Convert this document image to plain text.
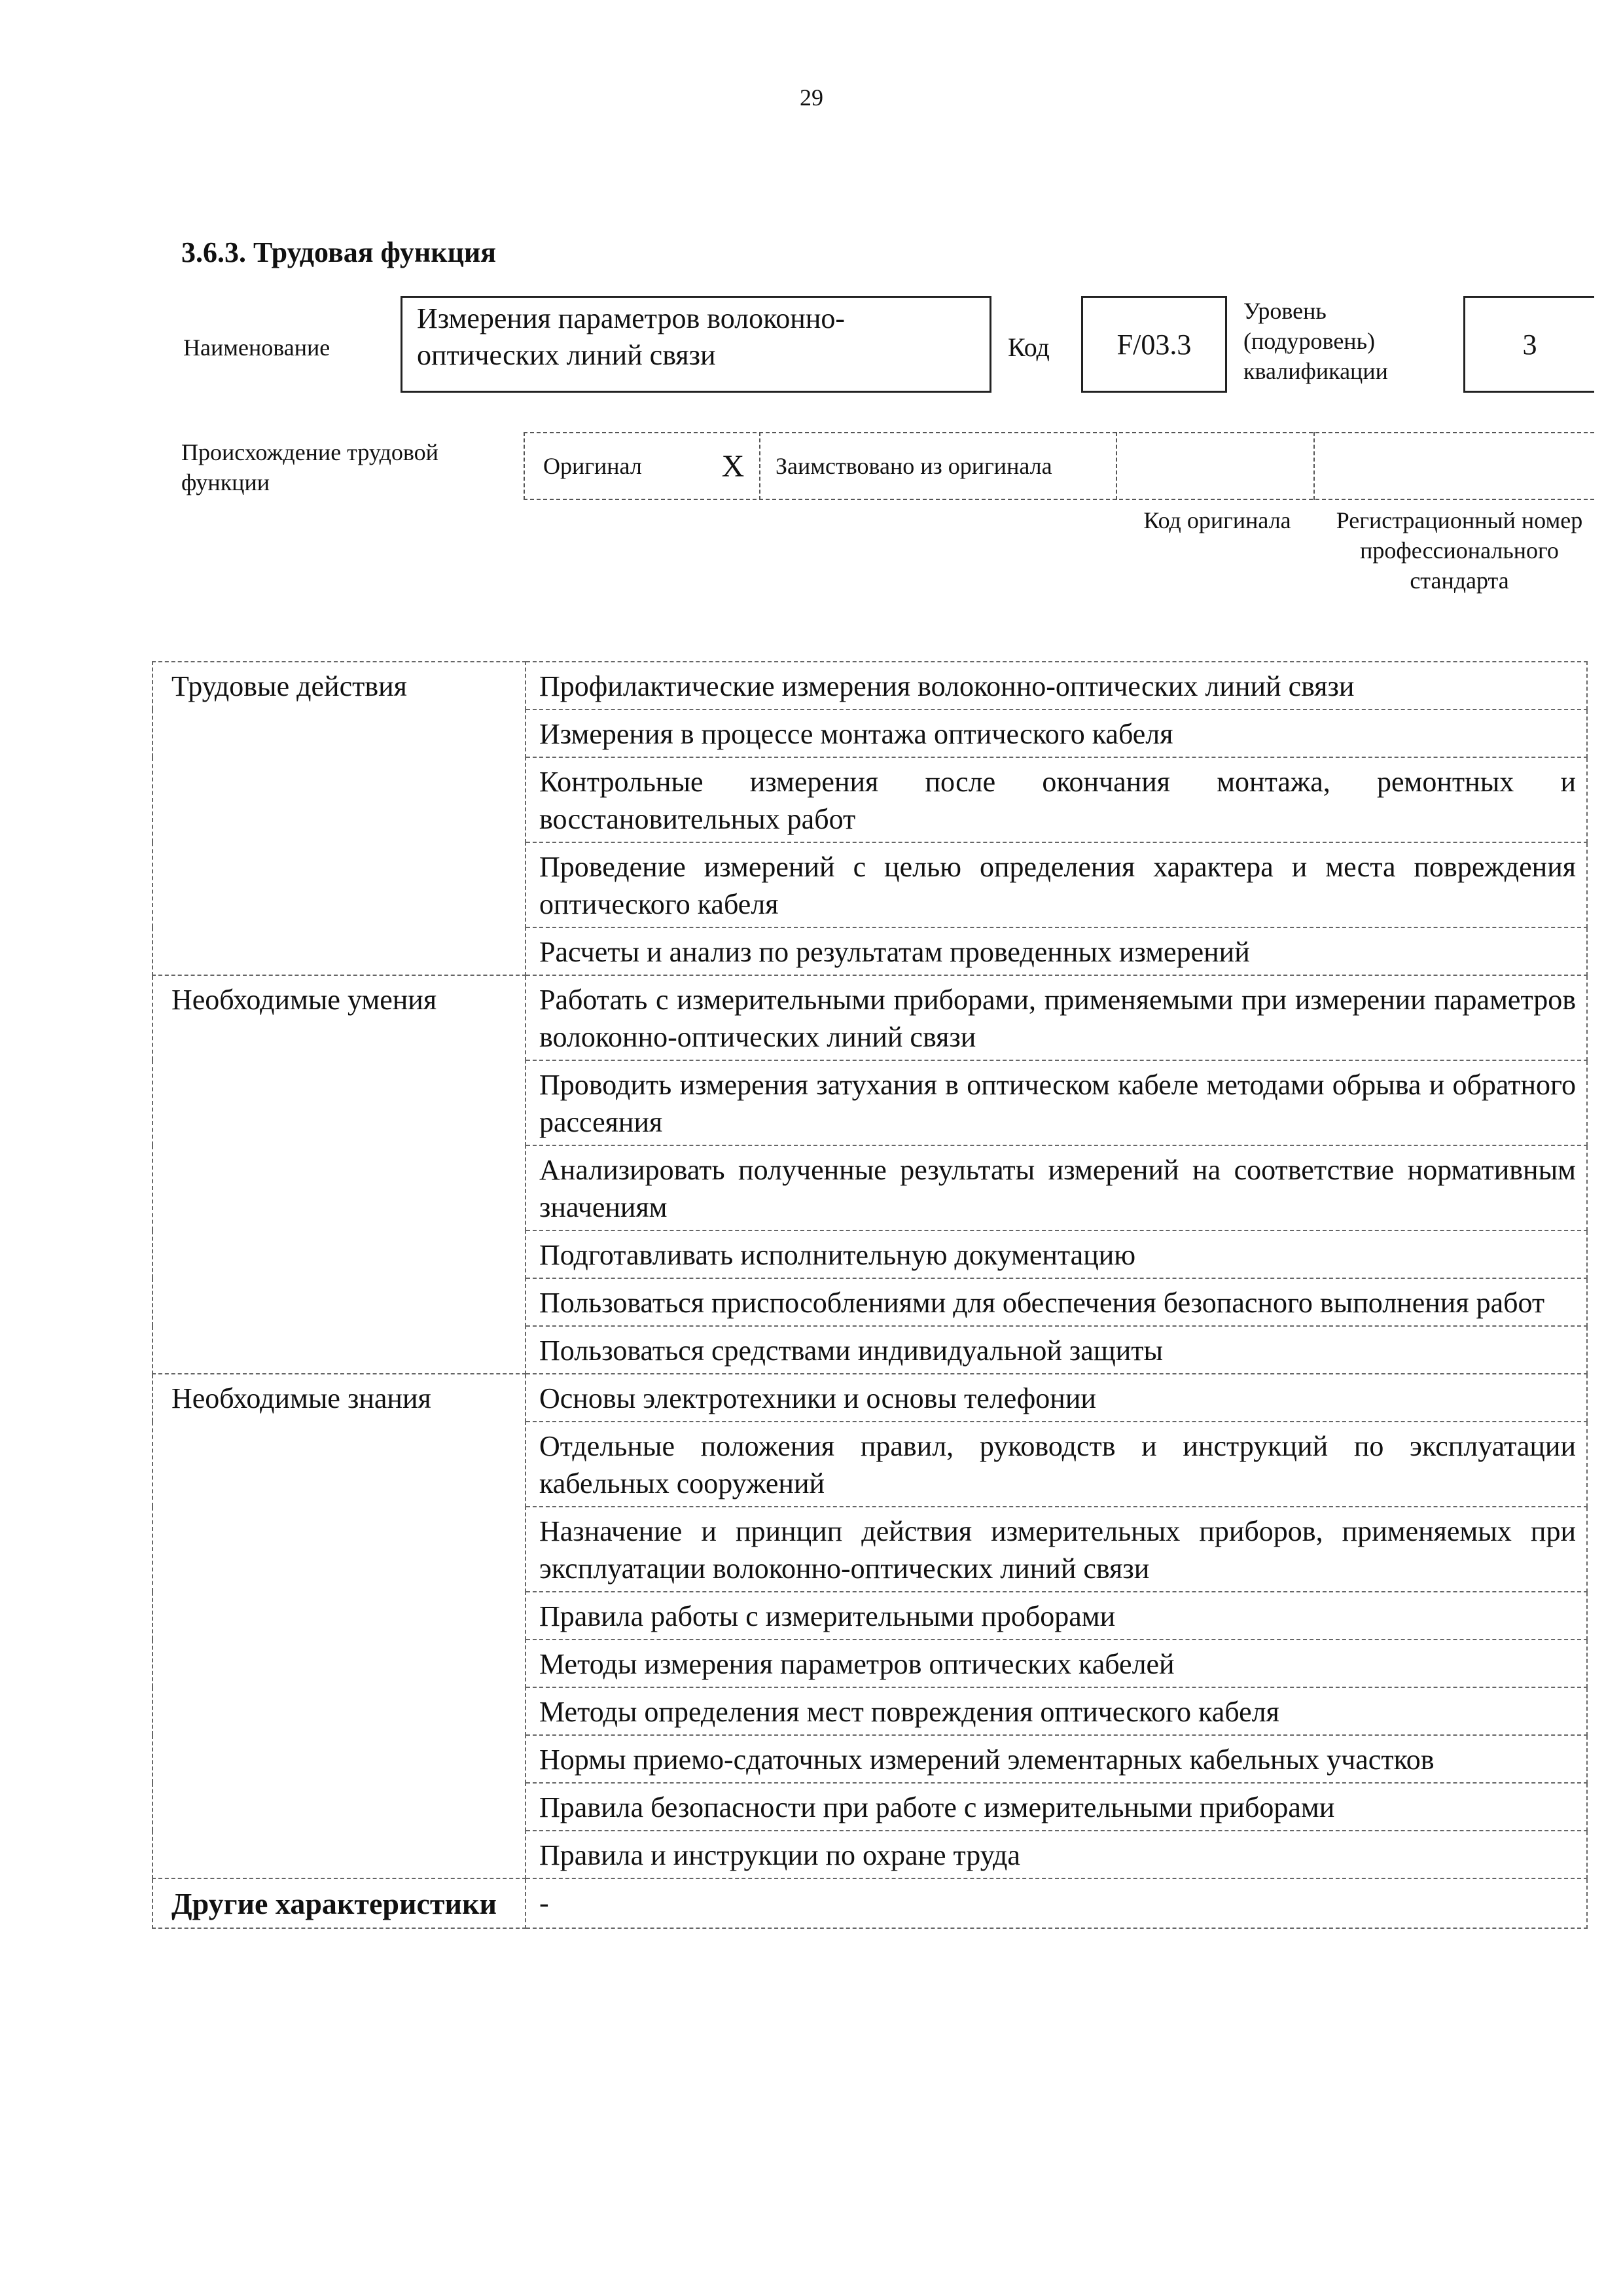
29
3.6.3. Трудовая функция
Наименование
Измерения параметров волоконно-оптических линий связи	Код	F/03.3
Уровень (подуровень) квалификации
3
Происхождение трудовой функции
Оригинал	X	Заимствовано из оригинала
Код оригинала	Регистрационный номер профессионального стандарта
Трудовые действия	Профилактические измерения волоконно-оптических линий связи
	Измерения в процессе монтажа оптического кабеля
	Контрольные измерения после окончания монтажа, ремонтных и восстановительных работ
	Проведение измерений с целью определения характера и места повреждения оптического кабеля
	Расчеты и анализ по результатам проведенных измерений
Необходимые умения	Работать с измерительными приборами, применяемыми при измерении параметров волоконно-оптических линий связи
	Проводить измерения затухания в оптическом кабеле методами обрыва и обратного рассеяния
	Анализировать полученные результаты измерений на соответствие нормативным значениям
	Подготавливать исполнительную документацию
	Пользоваться приспособлениями для обеспечения безопасного выполнения работ
	Пользоваться средствами индивидуальной защиты
Необходимые знания	Основы электротехники и основы телефонии
	Отдельные положения правил, руководств и инструкций по эксплуатации кабельных сооружений
	Назначение и принцип действия измерительных приборов, применяемых при эксплуатации волоконно-оптических линий связи
	Правила работы с измерительными проборами
	Методы измерения параметров оптических кабелей
	Методы определения мест повреждения оптического кабеля
	Нормы приемо-сдаточных измерений элементарных кабельных участков
	Правила безопасности при работе с измерительными приборами
	Правила и инструкции по охране труда
Другие характеристики	-
